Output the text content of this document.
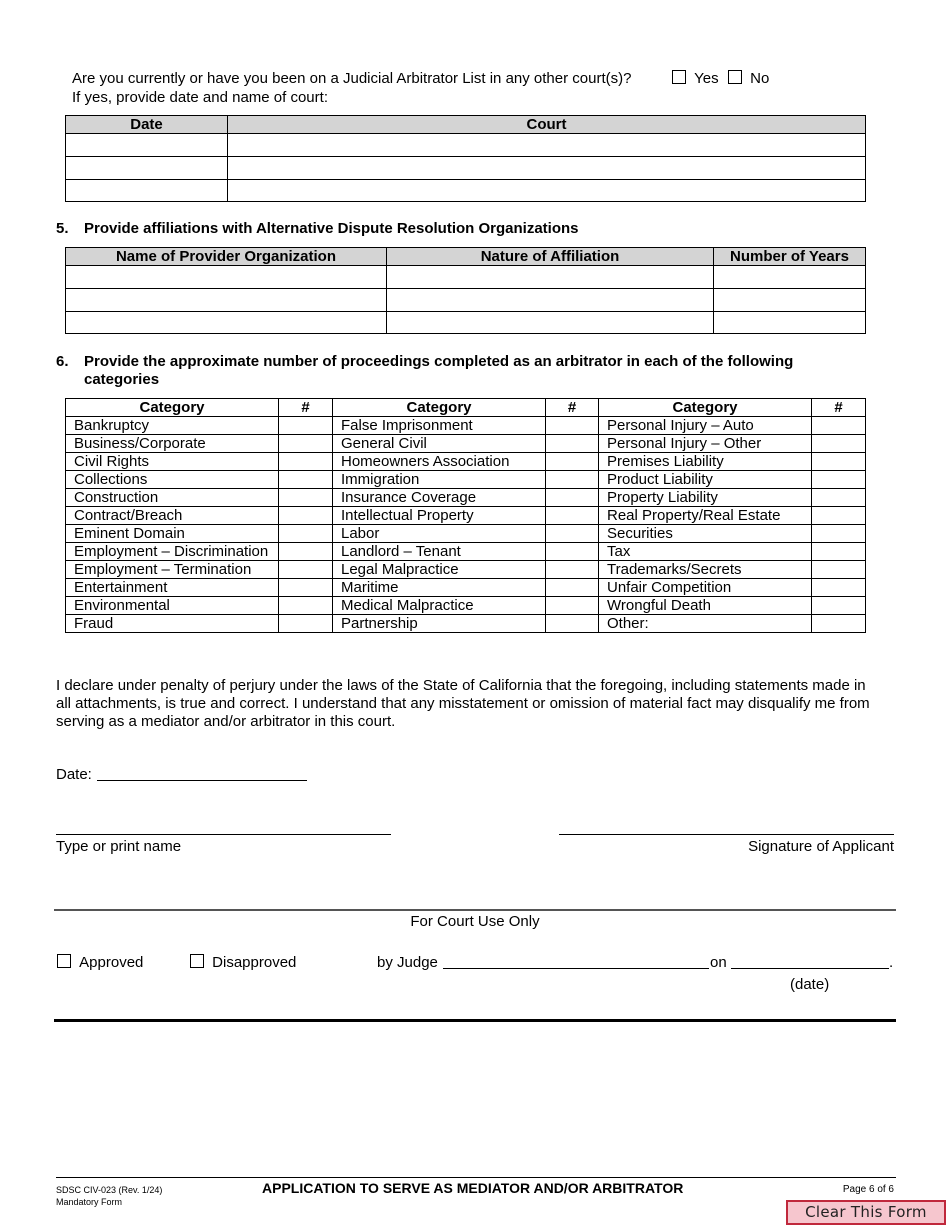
Are you currently or have you been on a Judicial Arbitrator List in any other court(s)?	Yes	No
If yes, provide date and name of court:
Date	Court

5. Provide affiliations with Alternative Dispute Resolution Organizations
Name of Provider Organization	Nature of Affiliation	Number of Years

6. Provide the approximate number of proceedings completed as an arbitrator in each of the following
categories
Category	#	Category	#	Category	#
Bankruptcy		False Imprisonment		Personal Injury – Auto	
Business/Corporate		General Civil		Personal Injury – Other	
Civil Rights		Homeowners Association		Premises Liability	
Collections		Immigration		Product Liability	
Construction		Insurance Coverage		Property Liability	
Contract/Breach		Intellectual Property		Real Property/Real Estate	
Eminent Domain		Labor		Securities	
Employment – Discrimination		Landlord – Tenant		Tax	
Employment – Termination		Legal Malpractice		Trademarks/Secrets	
Entertainment		Maritime		Unfair Competition	
Environmental		Medical Malpractice		Wrongful Death	
Fraud		Partnership		Other:	
I declare under penalty of perjury under the laws of the State of California that the foregoing, including statements made in
all attachments, is true and correct. I understand that any misstatement or omission of material fact may disqualify me from
serving as a mediator and/or arbitrator in this court.
Date:
Type or print name	Signature of Applicant
For Court Use Only
Approved	Disapproved	by Judge	on	.
(date)
SDSC CIV-023 (Rev. 1/24)
Mandatory Form
APPLICATION TO SERVE AS MEDIATOR AND/OR ARBITRATOR	Page 6 of 6
Clear This Form
